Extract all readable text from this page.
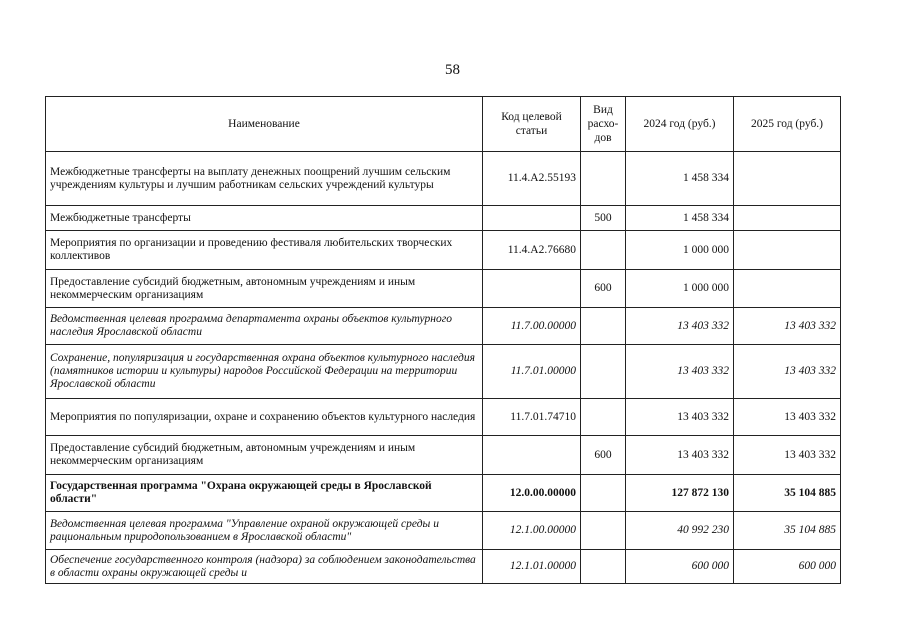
58
Наименование	Код целевой статьи	Вид расхо-дов	2024 год (руб.)	2025 год (руб.)
Межбюджетные трансферты на выплату денежных поощрений лучшим сельским учреждениям культуры и лучшим работникам сельских учреждений культуры	11.4.A2.55193		1 458 334	
Межбюджетные трансферты		500	1 458 334	
Мероприятия по организации и проведению фестиваля любительских творческих коллективов	11.4.A2.76680		1 000 000	
Предоставление субсидий бюджетным, автономным учреждениям и иным некоммерческим организациям		600	1 000 000	
Ведомственная целевая программа департамента охраны объектов культурного наследия Ярославской области	11.7.00.00000		13 403 332	13 403 332
Сохранение, популяризация и государственная охрана объектов культурного наследия (памятников истории и культуры) народов Российской Федерации на территории Ярославской области	11.7.01.00000		13 403 332	13 403 332
Мероприятия по популяризации, охране и сохранению объектов культурного наследия	11.7.01.74710		13 403 332	13 403 332
Предоставление субсидий бюджетным, автономным учреждениям и иным некоммерческим организациям		600	13 403 332	13 403 332
Государственная программа "Охрана окружающей среды в Ярославской области"	12.0.00.00000		127 872 130	35 104 885
Ведомственная целевая программа "Управление охраной окружающей среды и рациональным природопользованием в Ярославской области"	12.1.00.00000		40 992 230	35 104 885
Обеспечение государственного контроля (надзора) за соблюдением законодательства в области охраны окружающей среды и	12.1.01.00000		600 000	600 000
